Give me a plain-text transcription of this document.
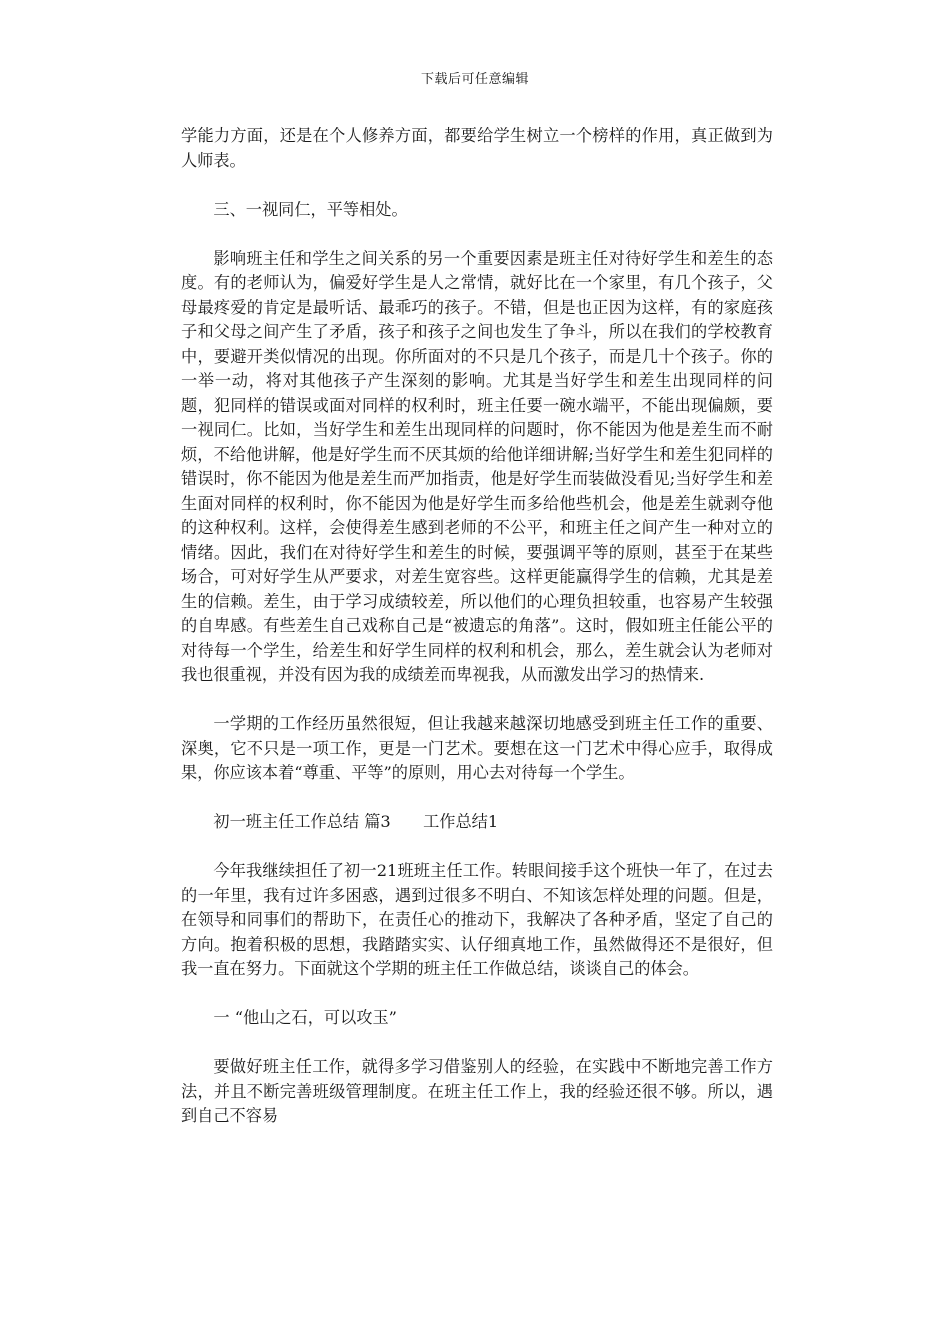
下载后可任意编辑

学能力方面，还是在个人修养方面，都要给学生树立一个榜样的作用，真正做到为人师表。

三、一视同仁，平等相处。

影响班主任和学生之间关系的另一个重要因素是班主任对待好学生和差生的态度。有的老师认为，偏爱好学生是人之常情，就好比在一个家里，有几个孩子，父母最疼爱的肯定是最听话、最乖巧的孩子。不错，但是也正因为这样，有的家庭孩子和父母之间产生了矛盾，孩子和孩子之间也发生了争斗，所以在我们的学校教育中，要避开类似情况的出现。你所面对的不只是几个孩子，而是几十个孩子。你的一举一动，将对其他孩子产生深刻的影响。尤其是当好学生和差生出现同样的问题，犯同样的错误或面对同样的权利时，班主任要一碗水端平，不能出现偏颇，要一视同仁。比如，当好学生和差生出现同样的问题时，你不能因为他是差生而不耐烦，不给他讲解，他是好学生而不厌其烦的给他详细讲解;当好学生和差生犯同样的错误时，你不能因为他是差生而严加指责，他是好学生而装做没看见;当好学生和差生面对同样的权利时，你不能因为他是好学生而多给他些机会，他是差生就剥夺他的这种权利。这样，会使得差生感到老师的不公平，和班主任之间产生一种对立的情绪。因此，我们在对待好学生和差生的时候，要强调平等的原则，甚至于在某些场合，可对好学生从严要求，对差生宽容些。这样更能赢得学生的信赖，尤其是差生的信赖。差生，由于学习成绩较差，所以他们的心理负担较重，也容易产生较强的自卑感。有些差生自己戏称自己是“被遗忘的角落”。这时，假如班主任能公平的对待每一个学生，给差生和好学生同样的权利和机会，那么，差生就会认为老师对我也很重视，并没有因为我的成绩差而卑视我，从而激发出学习的热情来.

一学期的工作经历虽然很短，但让我越来越深切地感受到班主任工作的重要、深奥，它不只是一项工作，更是一门艺术。要想在这一门艺术中得心应手，取得成果，你应该本着“尊重、平等”的原则，用心去对待每一个学生。

初一班主任工作总结 篇3　　工作总结1

今年我继续担任了初一21班班主任工作。转眼间接手这个班快一年了，在过去的一年里，我有过许多困惑，遇到过很多不明白、不知该怎样处理的问题。但是，在领导和同事们的帮助下，在责任心的推动下，我解决了各种矛盾，坚定了自己的方向。抱着积极的思想，我踏踏实实、认仔细真地工作，虽然做得还不是很好，但我一直在努力。下面就这个学期的班主任工作做总结，谈谈自己的体会。

一 “他山之石，可以攻玉”

要做好班主任工作，就得多学习借鉴别人的经验，在实践中不断地完善工作方法，并且不断完善班级管理制度。在班主任工作上，我的经验还很不够。所以，遇到自己不容易
